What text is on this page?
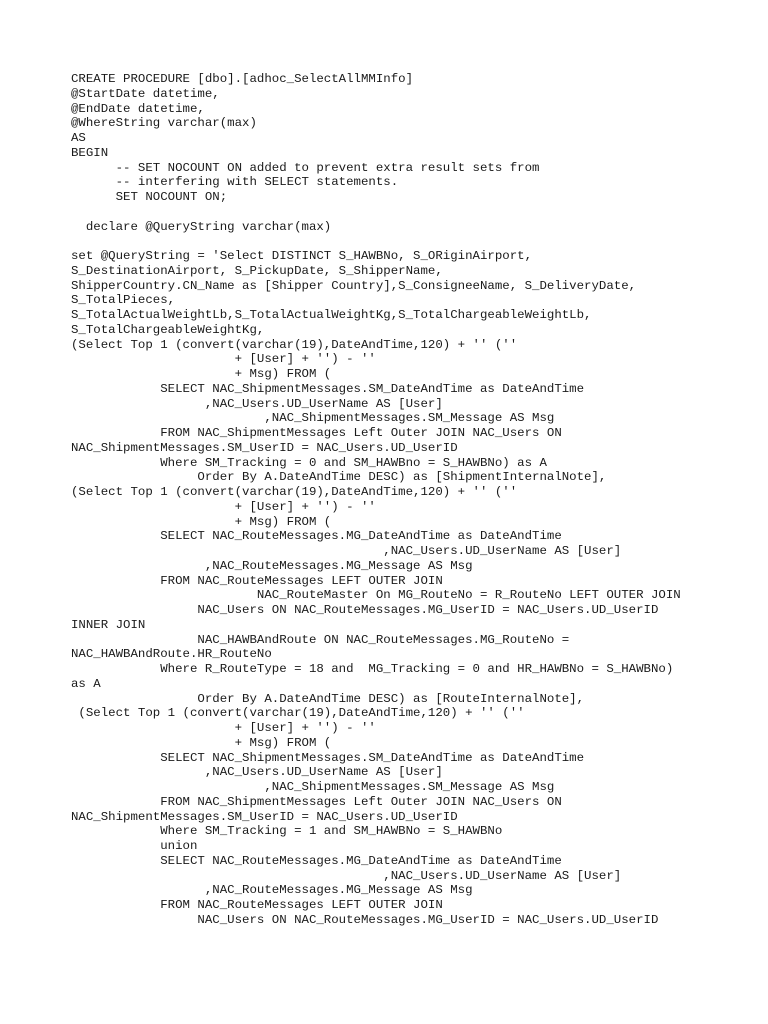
CREATE PROCEDURE [dbo].[adhoc_SelectAllMMInfo]
@StartDate datetime,
@EndDate datetime,
@WhereString varchar(max)
AS
BEGIN
-- SET NOCOUNT ON added to prevent extra result sets from
-- interfering with SELECT statements.
SET NOCOUNT ON;
declare @QueryString varchar(max)
set @QueryString = 'Select DISTINCT S_HAWBNo, S_ORiginAirport,
S_DestinationAirport, S_PickupDate, S_ShipperName,
ShipperCountry.CN_Name as [Shipper Country],S_ConsigneeName, S_DeliveryDate,
S_TotalPieces,
S_TotalActualWeightLb,S_TotalActualWeightKg,S_TotalChargeableWeightLb,
S_TotalChargeableWeightKg,
(Select Top 1 (convert(varchar(19),DateAndTime,120) + '' (''
+ [User] + '') - ''
+ Msg) FROM (
SELECT NAC_ShipmentMessages.SM_DateAndTime as DateAndTime
,NAC_Users.UD_UserName AS [User]
,NAC_ShipmentMessages.SM_Message AS Msg
FROM NAC_ShipmentMessages Left Outer JOIN NAC_Users ON
NAC_ShipmentMessages.SM_UserID = NAC_Users.UD_UserID
Where SM_Tracking = 0 and SM_HAWBno = S_HAWBNo) as A
Order By A.DateAndTime DESC) as [ShipmentInternalNote],
(Select Top 1 (convert(varchar(19),DateAndTime,120) + '' (''
+ [User] + '') - ''
+ Msg) FROM (
SELECT NAC_RouteMessages.MG_DateAndTime as DateAndTime
,NAC_Users.UD_UserName AS [User]
,NAC_RouteMessages.MG_Message AS Msg
FROM NAC_RouteMessages LEFT OUTER JOIN
NAC_RouteMaster On MG_RouteNo = R_RouteNo LEFT OUTER JOIN
NAC_Users ON NAC_RouteMessages.MG_UserID = NAC_Users.UD_UserID
INNER JOIN
NAC_HAWBAndRoute ON NAC_RouteMessages.MG_RouteNo =
NAC_HAWBAndRoute.HR_RouteNo
Where R_RouteType = 18 and  MG_Tracking = 0 and HR_HAWBNo = S_HAWBNo)
as A
Order By A.DateAndTime DESC) as [RouteInternalNote],
(Select Top 1 (convert(varchar(19),DateAndTime,120) + '' (''
+ [User] + '') - ''
+ Msg) FROM (
SELECT NAC_ShipmentMessages.SM_DateAndTime as DateAndTime
,NAC_Users.UD_UserName AS [User]
,NAC_ShipmentMessages.SM_Message AS Msg
FROM NAC_ShipmentMessages Left Outer JOIN NAC_Users ON
NAC_ShipmentMessages.SM_UserID = NAC_Users.UD_UserID
Where SM_Tracking = 1 and SM_HAWBNo = S_HAWBNo
union
SELECT NAC_RouteMessages.MG_DateAndTime as DateAndTime
,NAC_Users.UD_UserName AS [User]
,NAC_RouteMessages.MG_Message AS Msg
FROM NAC_RouteMessages LEFT OUTER JOIN
NAC_Users ON NAC_RouteMessages.MG_UserID = NAC_Users.UD_UserID
